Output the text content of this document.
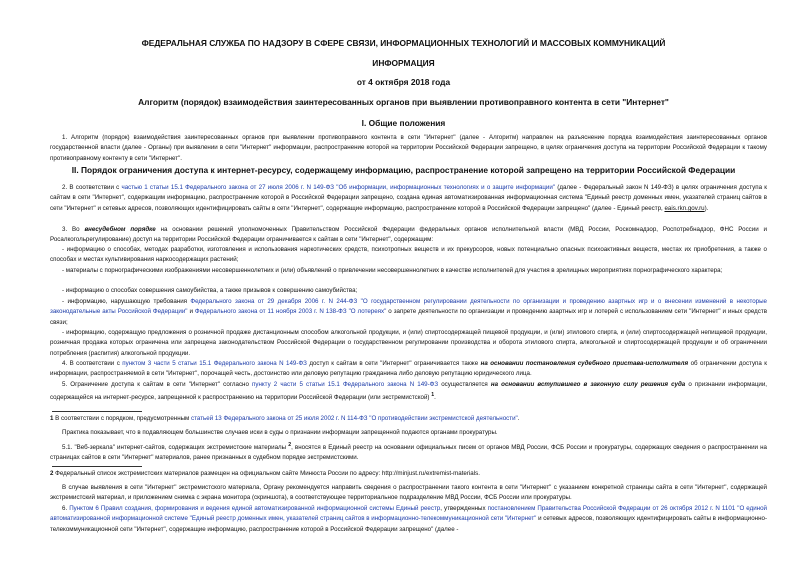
ФЕДЕРАЛЬНАЯ СЛУЖБА ПО НАДЗОРУ В СФЕРЕ СВЯЗИ, ИНФОРМАЦИОННЫХ ТЕХНОЛОГИЙ И МАССОВЫХ КОММУНИКАЦИЙ
ИНФОРМАЦИЯ
от 4 октября 2018 года
Алгоритм (порядок) взаимодействия заинтересованных органов при выявлении противоправного контента в сети "Интернет"
I. Общие положения

1. Алгоритм (порядок) взаимодействия заинтересованных органов при выявлении противоправного контента в сети "Интернет" (далее - Алгоритм) направлен на разъяснение порядка взаимодействия заинтересованных органов государственной власти (далее - Органы) при выявлении в сети "Интернет" информации, распространение которой на территории Российской Федерации запрещено, в целях ограничения доступа на территории Российской Федерации к такому противоправному контенту в сети "Интернет".

II. Порядок ограничения доступа к интернет-ресурсу, содержащему информацию, распространение которой запрещено на территории Российской Федерации

2. В соответствии с частью 1 статьи 15.1 Федерального закона от 27 июля 2006 г. N 149-ФЗ "Об информации, информационных технологиях и о защите информации" (далее - Федеральный закон N 149-ФЗ) в целях ограничения доступа к сайтам в сети "Интернет", содержащим информацию, распространение которой в Российской Федерации запрещено, создана единая автоматизированная информационная система "Единый реестр доменных имен, указателей страниц сайтов в сети "Интернет" и сетевых адресов, позволяющих идентифицировать сайты в сети "Интернет", содержащие информацию, распространение которой в Российской Федерации запрещено" (далее - Единый реестр, eais.rkn.gov.ru).

3. Во внесудебном порядке на основании решений уполномоченных Правительством Российской Федерации федеральных органов исполнительной власти (МВД России, Роскомнадзор, Роспотребнадзор, ФНС России и Росалкогольрегулирование) доступ на территории Российской Федерации ограничивается к сайтам в сети "Интернет", содержащим:

- информацию о способах, методах разработки, изготовления и использования наркотических средств, психотропных веществ и их прекурсоров, новых потенциально опасных психоактивных веществ, местах их приобретения, а также о способах и местах культивирования наркосодержащих растений;

- материалы с порнографическими изображениями несовершеннолетних и (или) объявлений о привлечении несовершеннолетних в качестве исполнителей для участия в зрелищных мероприятиях порнографического характера;

- информацию о способах совершения самоубийства, а также призывов к совершению самоубийства;

- информацию, нарушающую требования Федерального закона от 29 декабря 2006 г. N 244-ФЗ "О государственном регулировании деятельности по организации и проведению азартных игр и о внесении изменений в некоторые законодательные акты Российской Федерации" и Федерального закона от 11 ноября 2003 г. N 138-ФЗ "О лотереях" о запрете деятельности по организации и проведению азартных игр и лотерей с использованием сети "Интернет" и иных средств связи;

- информацию, содержащую предложения о розничной продаже дистанционным способом алкогольной продукции, и (или) спиртосодержащей пищевой продукции, и (или) этилового спирта, и (или) спиртосодержащей непищевой продукции, розничная продажа которых ограничена или запрещена законодательством Российской Федерации о государственном регулировании производства и оборота этилового спирта, алкогольной и спиртосодержащей продукции и об ограничении потребления (распития) алкогольной продукции.

4. В соответствии с пунктом 3 части 5 статьи 15.1 Федерального закона N 149-ФЗ доступ к сайтам в сети "Интернет" ограничивается также на основании постановления судебного пристава-исполнителя об ограничении доступа к информации, распространяемой в сети "Интернет", порочащей честь, достоинство или деловую репутацию гражданина либо деловую репутацию юридического лица.

5. Ограничение доступа к сайтам в сети "Интернет" согласно пункту 2 части 5 статьи 15.1 Федерального закона N 149-ФЗ осуществляется на основании вступившего в законную силу решения суда о признании информации, содержащейся на интернет-ресурсе, запрещенной к распространению на территории Российской Федерации (или экстремистской) $^1$.

1 В соответствии с порядком, предусмотренным статьей 13 Федерального закона от 25 июля 2002 г. N 114-ФЗ "О противодействии экстремистской деятельности".

Практика показывает, что в подавляющем большинстве случаев иски в суды о признании информации запрещенной подаются органами прокуратуры.

5.1. "Веб-зеркала" интернет-сайтов, содержащих экстремистские материалы $^2$, вносятся в Единый реестр на основании официальных писем от органов МВД России, ФСБ России и прокуратуры, содержащих сведения о распространении на страницах сайтов в сети "Интернет" материалов, ранее признанных в судебном порядке экстремистскими.

2 Федеральный список экстремистских материалов размещен на официальном сайте Минюста России по адресу: http://minjust.ru/extremist-materials.

В случае выявления в сети "Интернет" экстремистского материала, Органу рекомендуется направить сведения о распространении такого контента в сети "Интернет" с указанием конкретной страницы сайта в сети "Интернет", содержащей экстремистский материал, и приложением снимка с экрана монитора (скриншота), в соответствующее территориальное подразделение МВД России, ФСБ России или прокуратуры.

6. Пунктом 6 Правил создания, формирования и ведения единой автоматизированной информационной системы Единый реестр, утвержденных постановлением Правительства Российской Федерации от 26 октября 2012 г. N 1101 "О единой автоматизированной информационной системе "Единый реестр доменных имен, указателей страниц сайтов в информационно-телекоммуникационной сети "Интернет" и сетевых адресов, позволяющих идентифицировать сайты в информационно-телекоммуникационной сети "Интернет", содержащие информацию, распространение которой в Российской Федерации запрещено" (далее -
